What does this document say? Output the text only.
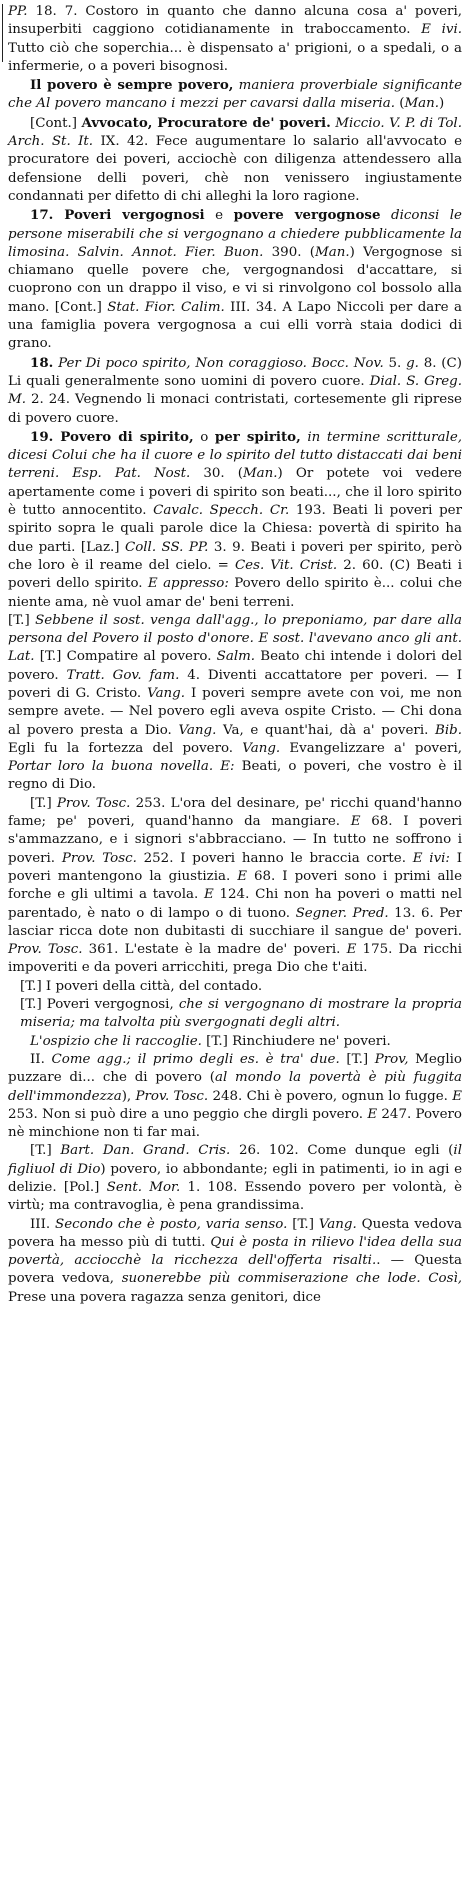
PP. 18. 7. Costoro in quanto che danno alcuna cosa a' poveri, insuperbiti caggiono cotidianamente in traboccamento. E ivi. Tutto ciò che soperchia... è dispensato a' prigioni, o a spedali, o a infermerie, o a poveri bisognosi.

Il povero è sempre povero, maniera proverbiale significante che Al povero mancano i mezzi per cavarsi dalla miseria. (Man.)

[Cont.] Avvocato, Procuratore de' poveri. Miccio. V. P. di Tol. Arch. St. It. IX. 42. Fece augumentare lo salario all'avvocato e procuratore dei poveri, acciochè con diligenza attendessero alla defensione delli poveri, chè non venissero ingiustamente condannati per difetto di chi alleghi la loro ragione.

17. Poveri vergognosi e povere vergognose diconsi le persone miserabili che si vergognano a chiedere pubblicamente la limosina. Salvin. Annot. Fier. Buon. 390. (Man.) Vergognose si chiamano quelle povere che, vergognandosi d'accattare, si cuoprono con un drappo il viso, e vi si rinvolgono col bossolo alla mano. [Cont.] Stat. Fior. Calim. III. 34. A Lapo Niccoli per dare a una famiglia povera vergognosa a cui elli vorrà staia dodici di grano.

18. Per Di poco spirito, Non coraggioso. Bocc. Nov. 5. g. 8. (C) Li quali generalmente sono uomini di povero cuore. Dial. S. Greg. M. 2. 24. Vegnendo li monaci contristati, cortesemente gli riprese di povero cuore.

19. Povero di spirito, o per spirito, in termine scritturale, dicesi Colui che ha il cuore e lo spirito del tutto distaccati dai beni terreni. Esp. Pat. Nost. 30. (Man.) Or potete voi vedere apertamente come i poveri di spirito son beati..., che il loro spirito è tutto annocentito. Cavalc. Specch. Cr. 193. Beati li poveri per spirito sopra le quali parole dice la Chiesa: povertà di spirito ha due parti. [Laz.] Coll. SS. PP. 3. 9. Beati i poveri per spirito, però che loro è il reame del cielo. = Ces. Vit. Crist. 2. 60. (C) Beati i poveri dello spirito. E appresso: Povero dello spirito è... colui che niente ama, nè vuol amar de' beni terreni.

[T.] Sebbene il sost. venga dall'agg., lo preponiamo, par dare alla persona del Povero il posto d'onore. E sost. l'avevano anco gli ant. Lat. [T.] Compatire al povero. Salm. Beato chi intende i dolori del povero. Tratt. Gov. fam. 4. Diventi accattatore per poveri. — I poveri di G. Cristo. Vang. I poveri sempre avete con voi, me non sempre avete. — Nel povero egli aveva ospite Cristo. — Chi dona al povero presta a Dio. Vang. Va, e quant'hai, dà a' poveri. Bib. Egli fu la fortezza del povero. Vang. Evangelizzare a' poveri, Portar loro la buona novella. E: Beati, o poveri, che vostro è il regno di Dio.

[T.] Prov. Tosc. 253. L'ora del desinare, pe' ricchi quand'hanno fame; pe' poveri, quand'hanno da mangiare. E 68. I poveri s'ammazzano, e i signori s'abbracciano. — In tutto ne soffrono i poveri. Prov. Tosc. 252. I poveri hanno le braccia corte. E ivi: I poveri mantengono la giustizia. E 68. I poveri sono i primi alle forche e gli ultimi a tavola. E 124. Chi non ha poveri o matti nel parentado, è nato o di lampo o di tuono. Segner. Pred. 13. 6. Per lasciar ricca dote non dubitasti di succhiare il sangue de' poveri. Prov. Tosc. 361. L'estate è la madre de' poveri. E 175. Da ricchi impoveriti e da poveri arricchiti, prega Dio che t'aiti.

[T.] I poveri della città, del contado.

[T.] Poveri vergognosi, che si vergognano di mostrare la propria miseria; ma talvolta più svergognati degli altri.

L'ospizio che li raccoglie. [T.] Rinchiudere ne' poveri.

II. Come agg.; il primo degli es. è tra' due. [T.] Prov, Meglio puzzare di... che di povero (al mondo la povertà è più fuggita dell'immondezza), Prov. Tosc. 248. Chi è povero, ognun lo fugge. E 253. Non si può dire a uno peggio che dirgli povero. E 247. Povero nè minchione non ti far mai.

[T.] Bart. Dan. Grand. Cris. 26. 102. Come dunque egli (il figliuol di Dio) povero, io abbondante; egli in patimenti, io in agi e delizie. [Pol.] Sent. Mor. 1. 108. Essendo povero per volontà, è virtù; ma contravoglia, è pena grandissima.

III. Secondo che è posto, varia senso. [T.] Vang. Questa vedova povera ha messo più di tutti. Qui è posta in rilievo l'idea della sua povertà, acciocchè la ricchezza dell'offerta risalti.. — Questa povera vedova, suonerebbe più commiserazione che lode. Così, Prese una povera ragazza senza genitori, dice
